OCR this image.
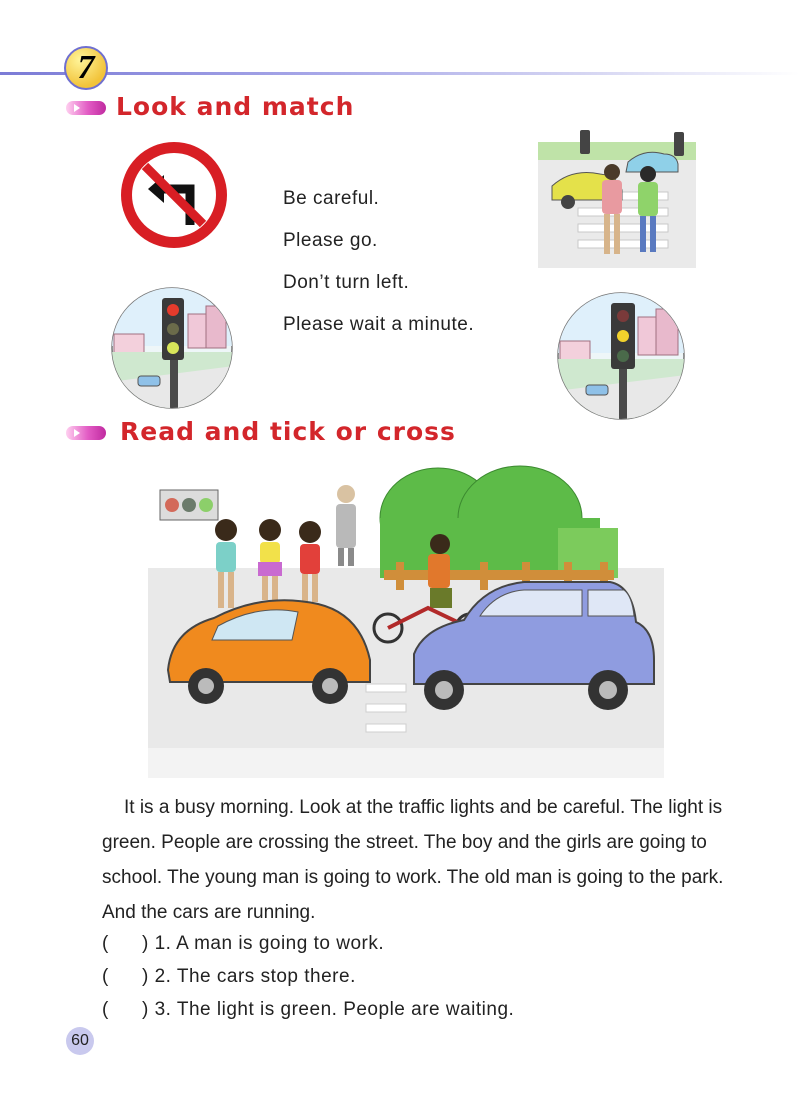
7
Look and match
Be careful.
Please go.
Don’t turn left.
Please wait a minute.
Read and tick or cross
It is a busy morning. Look at the traffic lights and be careful. The light is green. People are crossing the street. The boy and the girls are going to school. The young man is going to work. The old man is going to the park. And the cars are running.
( ) 1. A man is going to work.
( ) 2. The cars stop there.
( ) 3. The light is green. People are waiting.
60
